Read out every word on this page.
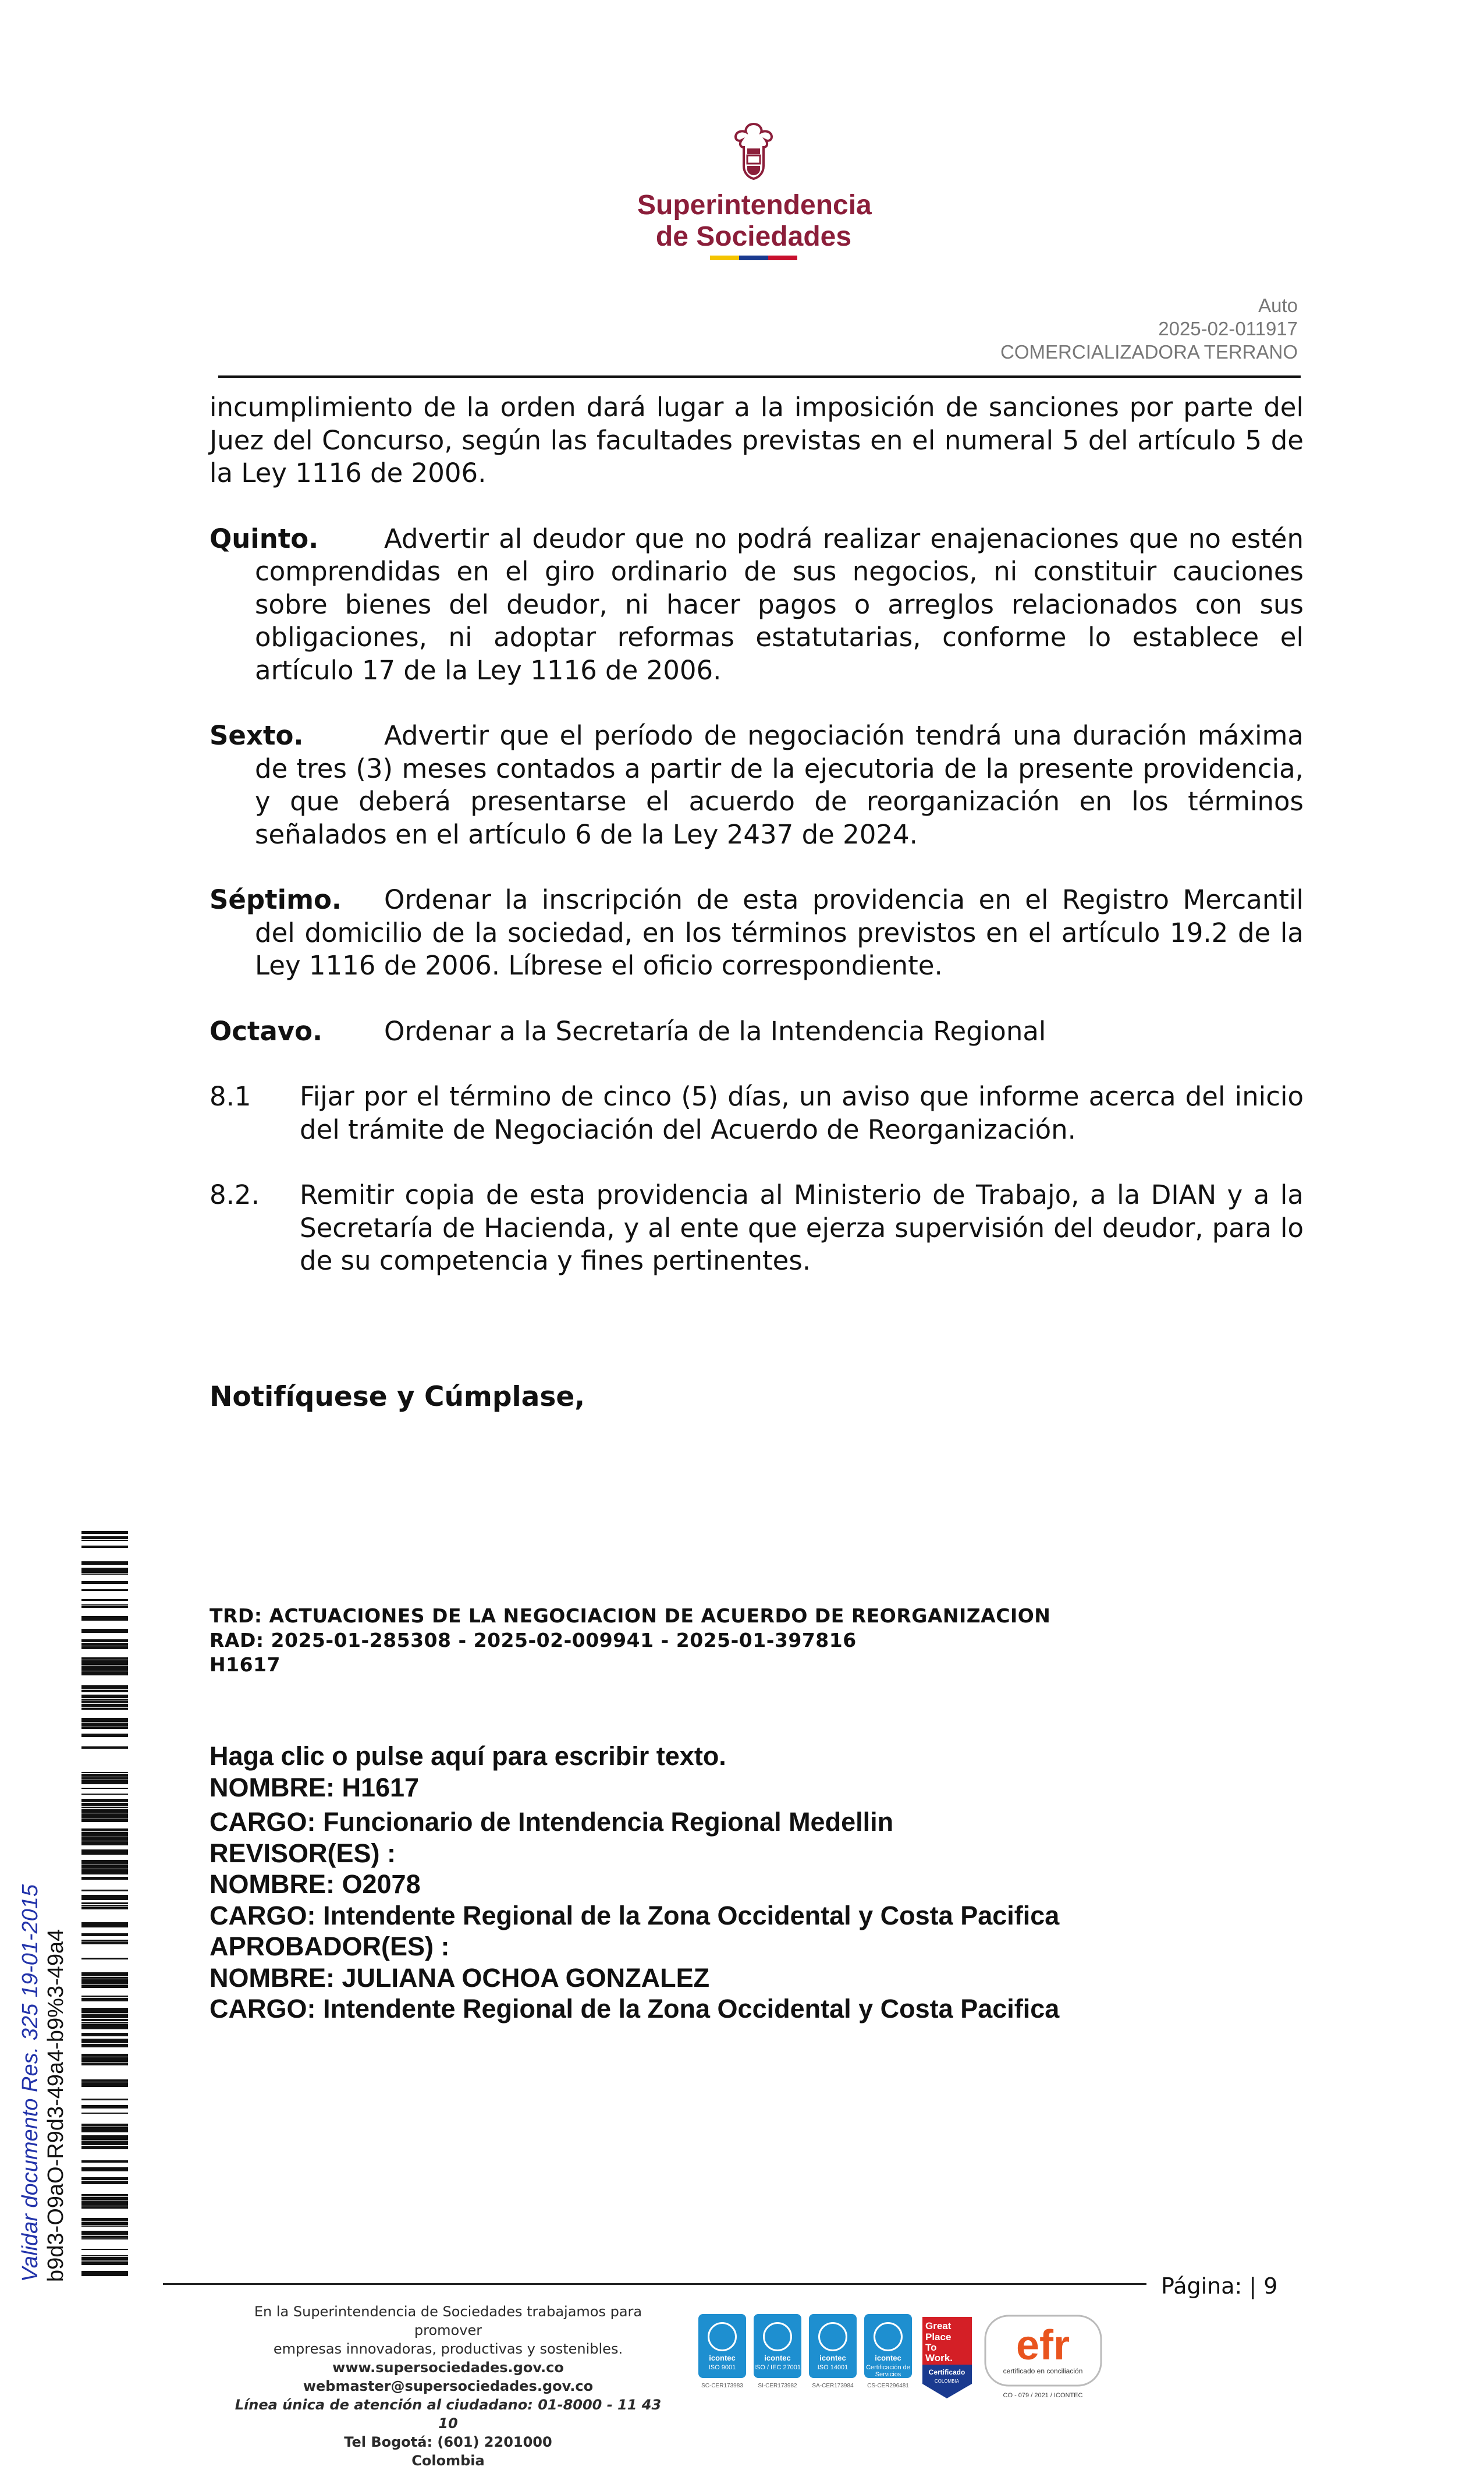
Superintendencia
de Sociedades
Auto
2025-02-011917
COMERCIALIZADORA TERRANO

incumplimiento de la orden dará lugar a la imposición de sanciones por parte del Juez del Concurso, según las facultades previstas en el numeral 5 del artículo 5 de la Ley 1116 de 2006.

Quinto.	Advertir al deudor que no podrá realizar enajenaciones que no estén comprendidas en el giro ordinario de sus negocios, ni constituir cauciones sobre bienes del deudor, ni hacer pagos o arreglos relacionados con sus obligaciones, ni adoptar reformas estatutarias, conforme lo establece el artículo 17 de la Ley 1116 de 2006.

Sexto.	Advertir que el período de negociación tendrá una duración máxima de tres (3) meses contados a partir de la ejecutoria de la presente providencia, y que deberá presentarse el acuerdo de reorganización en los términos señalados en el artículo 6 de la Ley 2437 de 2024.

Séptimo. Ordenar la inscripción de esta providencia en el Registro Mercantil del domicilio de la sociedad, en los términos previstos en el artículo 19.2 de la Ley 1116 de 2006. Líbrese el oficio correspondiente.

Octavo. Ordenar a la Secretaría de la Intendencia Regional

8.1	Fijar por el término de cinco (5) días, un aviso que informe acerca del inicio del trámite de Negociación del Acuerdo de Reorganización.
8.2.	Remitir copia de esta providencia al Ministerio de Trabajo, a la DIAN y a la Secretaría de Hacienda, y al ente que ejerza supervisión del deudor, para lo de su competencia y fines pertinentes.
Notifíquese y Cúmplase,
TRD: ACTUACIONES DE LA NEGOCIACION DE ACUERDO DE REORGANIZACION
RAD: 2025-01-285308 - 2025-02-009941 - 2025-01-397816
H1617
Haga clic o pulse aquí para escribir texto.
NOMBRE: H1617
CARGO: Funcionario de Intendencia Regional Medellin
REVISOR(ES) :
NOMBRE: O2078
CARGO: Intendente Regional de la Zona Occidental y Costa Pacifica
APROBADOR(ES) :
NOMBRE: JULIANA OCHOA GONZALEZ
CARGO: Intendente Regional de la Zona Occidental y Costa Pacifica
Validar documento Res. 325 19-01-2015 b9d3-O9aO-R9d3-49a4-b9%3-49a4
Página: | 9
En la Superintendencia de Sociedades trabajamos para promover
empresas innovadoras, productivas y sostenibles.
www.supersociedades.gov.co
webmaster@supersociedades.gov.co
Línea única de atención al ciudadano: 01-8000 - 11 43 10
Tel Bogotá: (601) 2201000
Colombia
icontec
ISO 9001
SC-CER173983
icontec
ISO / IEC 27001
SI-CER173982
icontec
ISO 14001
SA-CER173984
icontec
Certificación de Servicios
CS-CER296481
Great
Place
To
Work.
Certificado
COLOMBIA
efr
certificado en conciliación
CO - 079 / 2021 / ICONTEC
